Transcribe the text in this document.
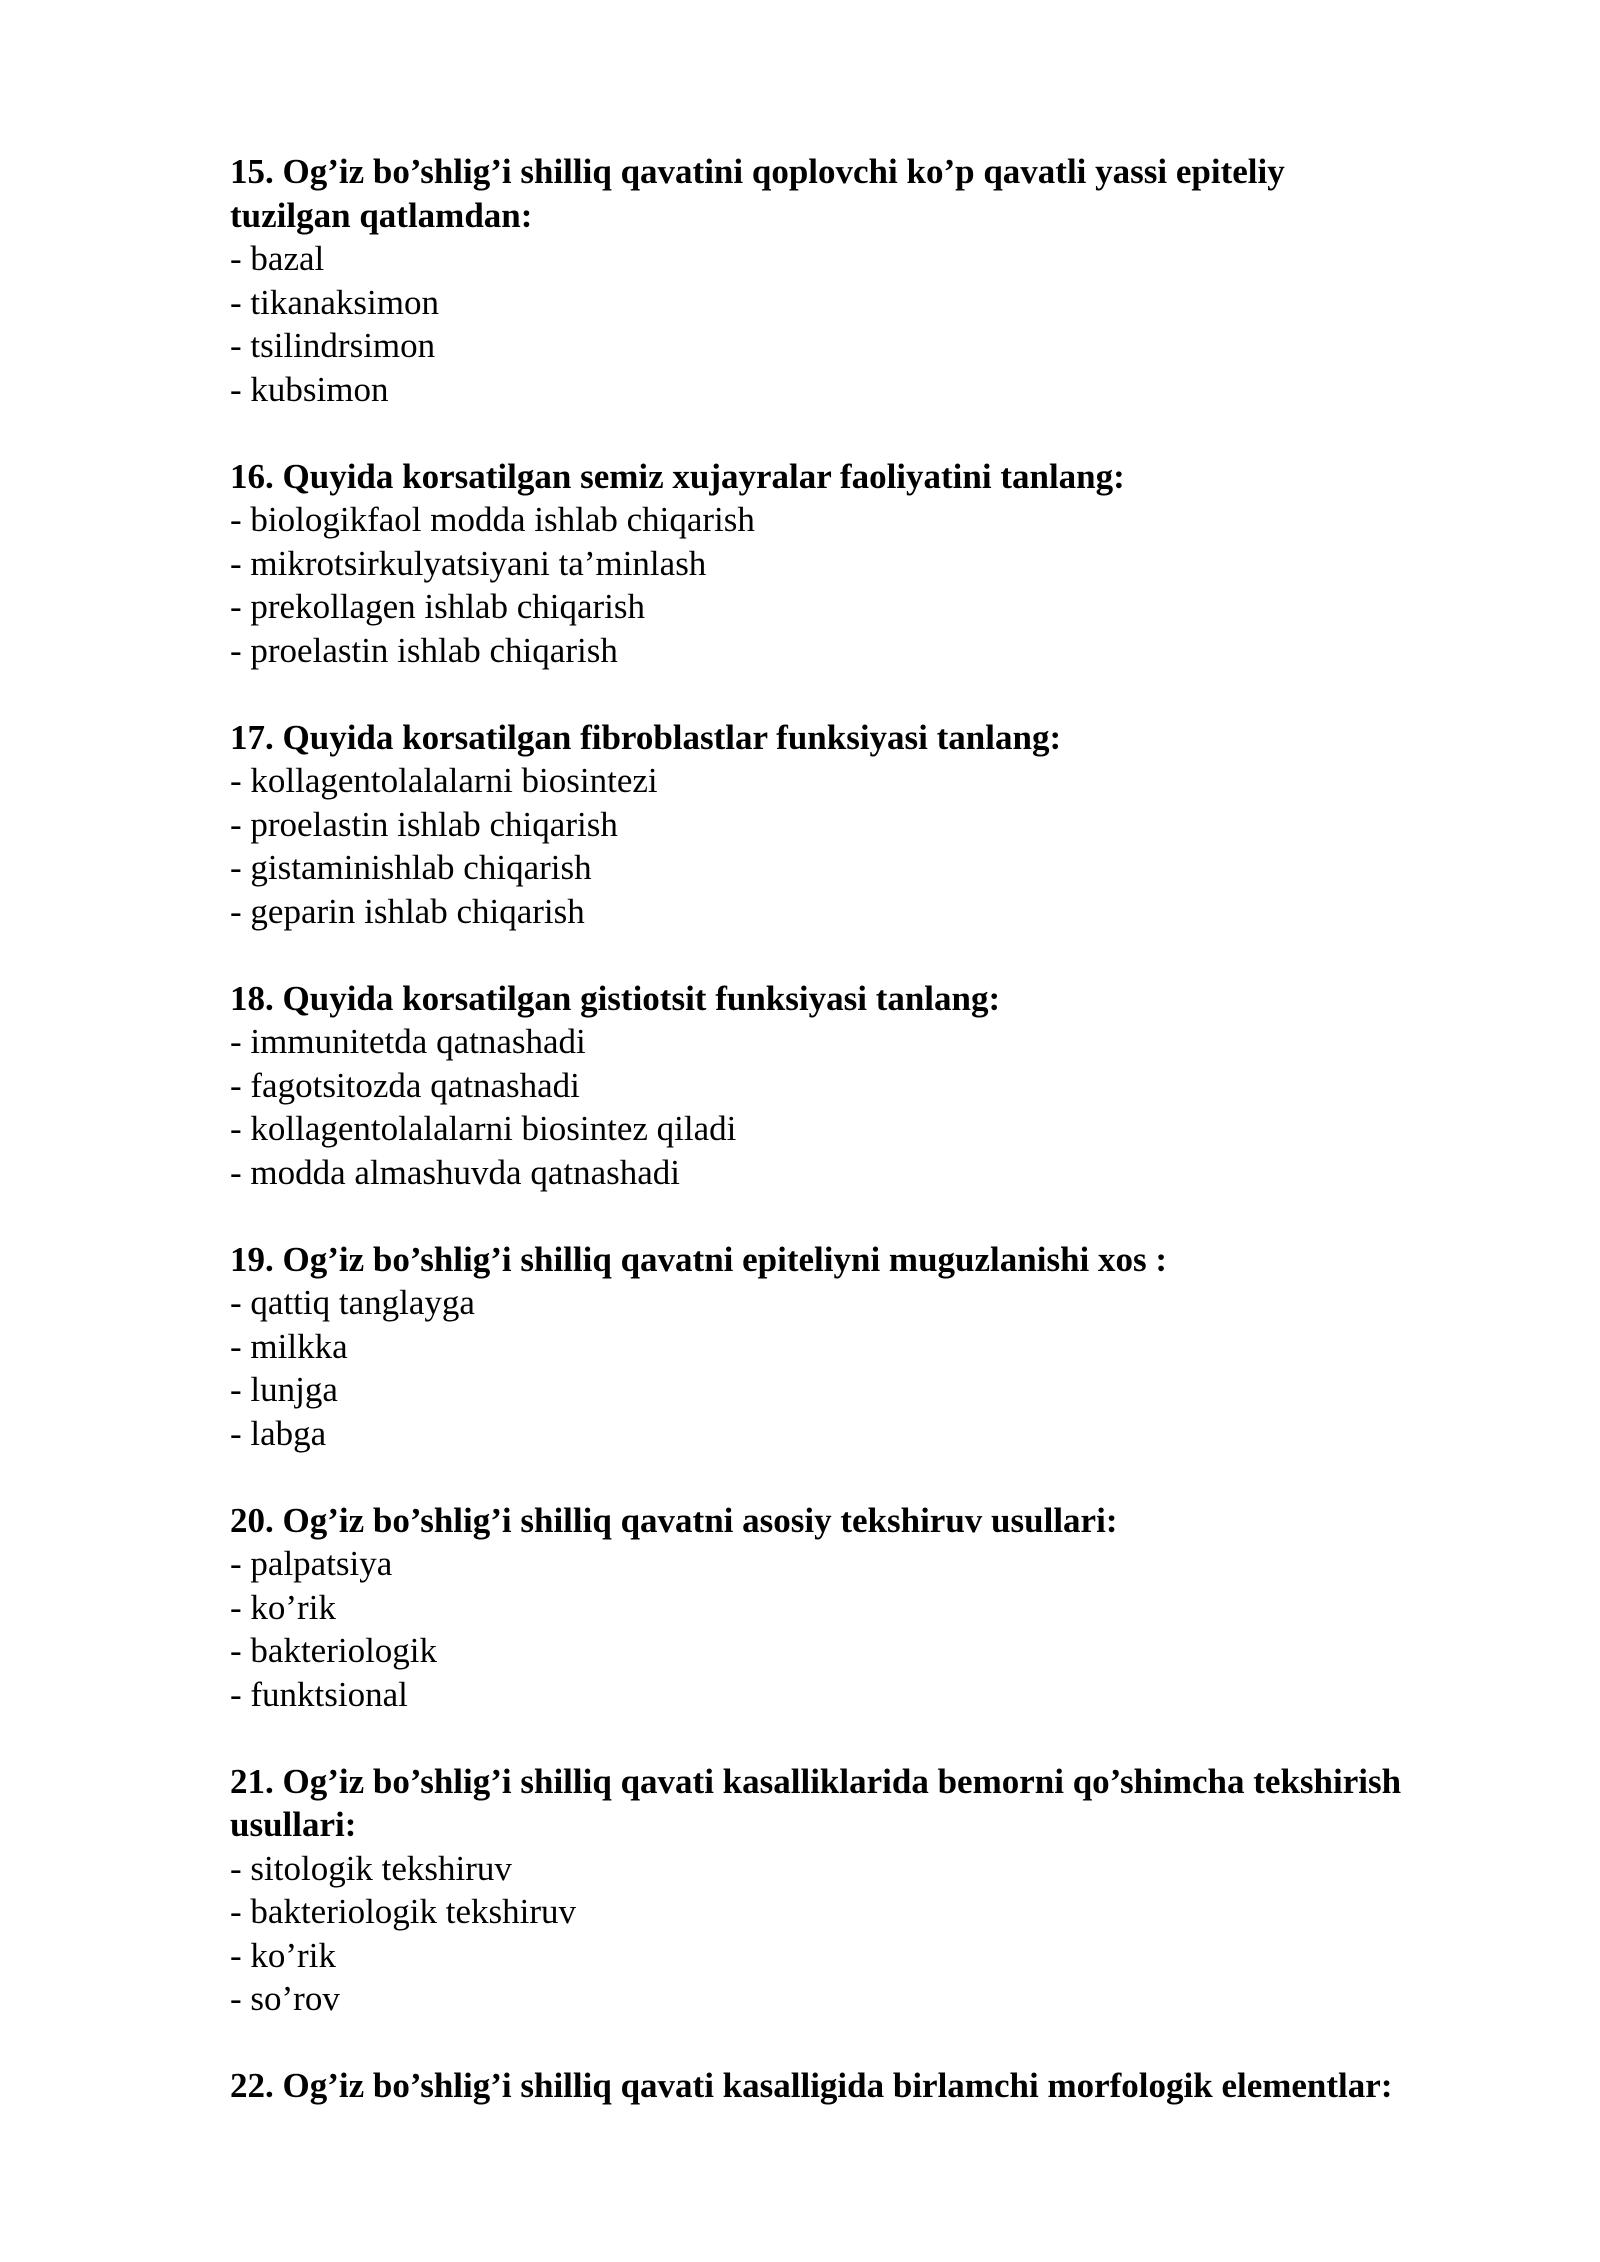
15. Og’iz bo’shlig’i shilliq qavatini qoplovchi ko’p qavatli yassi epiteliy tuzilgan qatlamdan:

- bazal
- tikanaksimon
- tsilindrsimon
- kubsimon

16. Quyida korsatilgan semiz xujayralar faoliyatini tanlang:

- biologikfaol modda ishlab chiqarish
- mikrotsirkulyatsiyani ta’minlash
- prekollagen ishlab chiqarish
- proelastin ishlab chiqarish

17. Quyida korsatilgan fibroblastlar funksiyasi tanlang:

- kollagentolalalarni biosintezi
- proelastin ishlab chiqarish
- gistaminishlab chiqarish
- geparin ishlab chiqarish

18. Quyida korsatilgan gistiotsit funksiyasi tanlang:

- immunitetda qatnashadi
- fagotsitozda qatnashadi
- kollagentolalalarni biosintez qiladi
- modda almashuvda qatnashadi

19. Og’iz bo’shlig’i shilliq qavatni epiteliyni muguzlanishi xos :

- qattiq tanglayga
- milkka
- lunjga
- labga

20. Og’iz bo’shlig’i shilliq qavatni asosiy tekshiruv usullari:

- palpatsiya
- ko’rik
- bakteriologik
- funktsional

21. Og’iz bo’shlig’i shilliq qavati kasalliklarida bemorni qo’shimcha tekshirish usullari:

- sitologik tekshiruv
- bakteriologik tekshiruv
- ko’rik
- so’rov

22. Og’iz bo’shlig’i shilliq qavati kasalligida birlamchi morfologik elementlar:
